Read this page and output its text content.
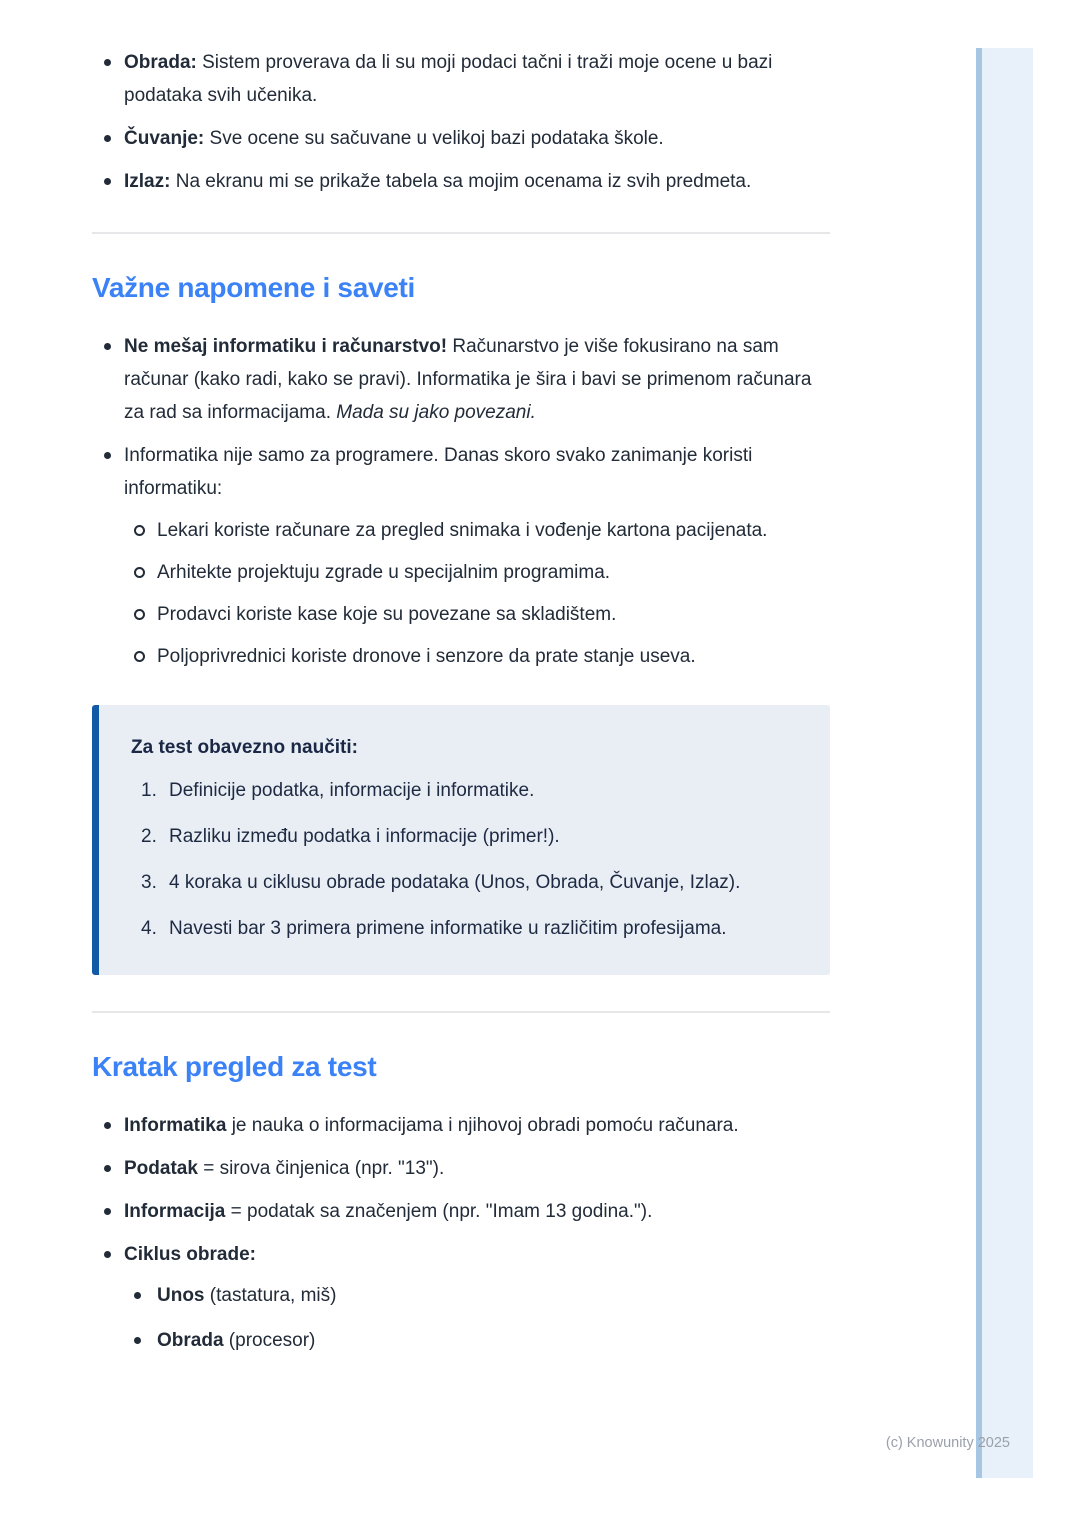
Obrada: Sistem proverava da li su moji podaci tačni i traži moje ocene u bazi podataka svih učenika.
Čuvanje: Sve ocene su sačuvane u velikoj bazi podataka škole.
Izlaz: Na ekranu mi se prikaže tabela sa mojim ocenama iz svih predmeta.
Važne napomene i saveti
Ne mešaj informatiku i računarstvo! Računarstvo je više fokusirano na sam računar (kako radi, kako se pravi). Informatika je šira i bavi se primenom računara za rad sa informacijama. Mada su jako povezani.
Informatika nije samo za programere. Danas skoro svako zanimanje koristi informatiku:
Lekari koriste računare za pregled snimaka i vođenje kartona pacijenata.
Arhitekte projektuju zgrade u specijalnim programima.
Prodavci koriste kase koje su povezane sa skladištem.
Poljoprivrednici koriste dronove i senzore da prate stanje useva.
Za test obavezno naučiti:
Definicije podatka, informacije i informatike.
Razliku između podatka i informacije (primer!).
4 koraka u ciklusu obrade podataka (Unos, Obrada, Čuvanje, Izlaz).
Navesti bar 3 primera primene informatike u različitim profesijama.
Kratak pregled za test
Informatika je nauka o informacijama i njihovoj obradi pomoću računara.
Podatak = sirova činjenica (npr. "13").
Informacija = podatak sa značenjem (npr. "Imam 13 godina.").
Ciklus obrade:
Unos (tastatura, miš)
Obrada (procesor)
(c) Knowunity 2025
